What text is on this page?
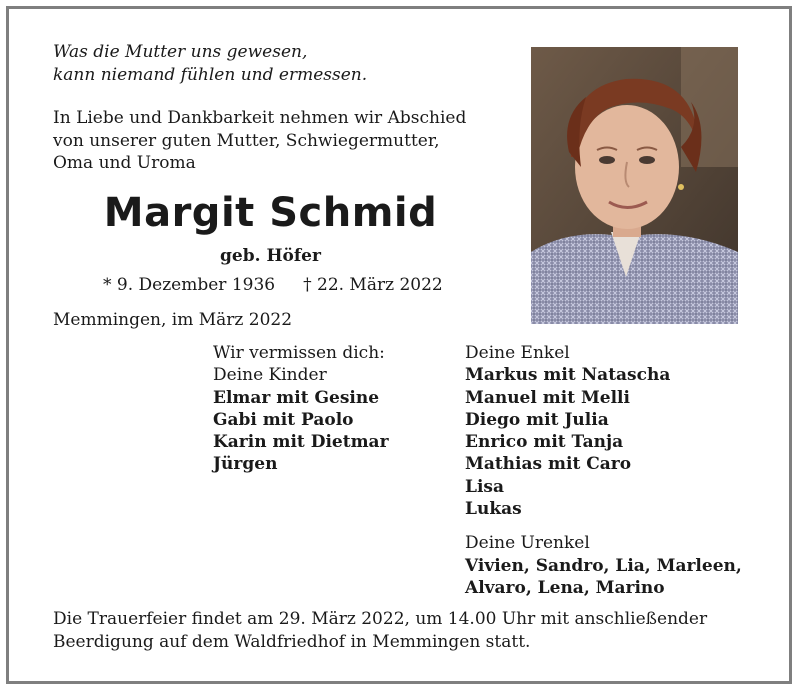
Was die Mutter uns gewesen,
kann niemand fühlen und ermessen.
In Liebe und Dankbarkeit nehmen wir Abschied
von unserer guten Mutter, Schwiegermutter,
Oma und Uroma
Margit Schmid
geb. Höfer
* 9. Dezember 1936 † 22. März 2022
Memmingen, im März 2022
Wir vermissen dich:
Deine Kinder
Elmar mit Gesine
Gabi mit Paolo
Karin mit Dietmar
Jürgen
Deine Enkel
Markus mit Natascha
Manuel mit Melli
Diego mit Julia
Enrico mit Tanja
Mathias mit Caro
Lisa
Lukas
Deine Urenkel
Vivien, Sandro, Lia, Marleen,
Alvaro, Lena, Marino
Die Trauerfeier findet am 29. März 2022, um 14.00 Uhr mit anschließender
Beerdigung auf dem Waldfriedhof in Memmingen statt.
